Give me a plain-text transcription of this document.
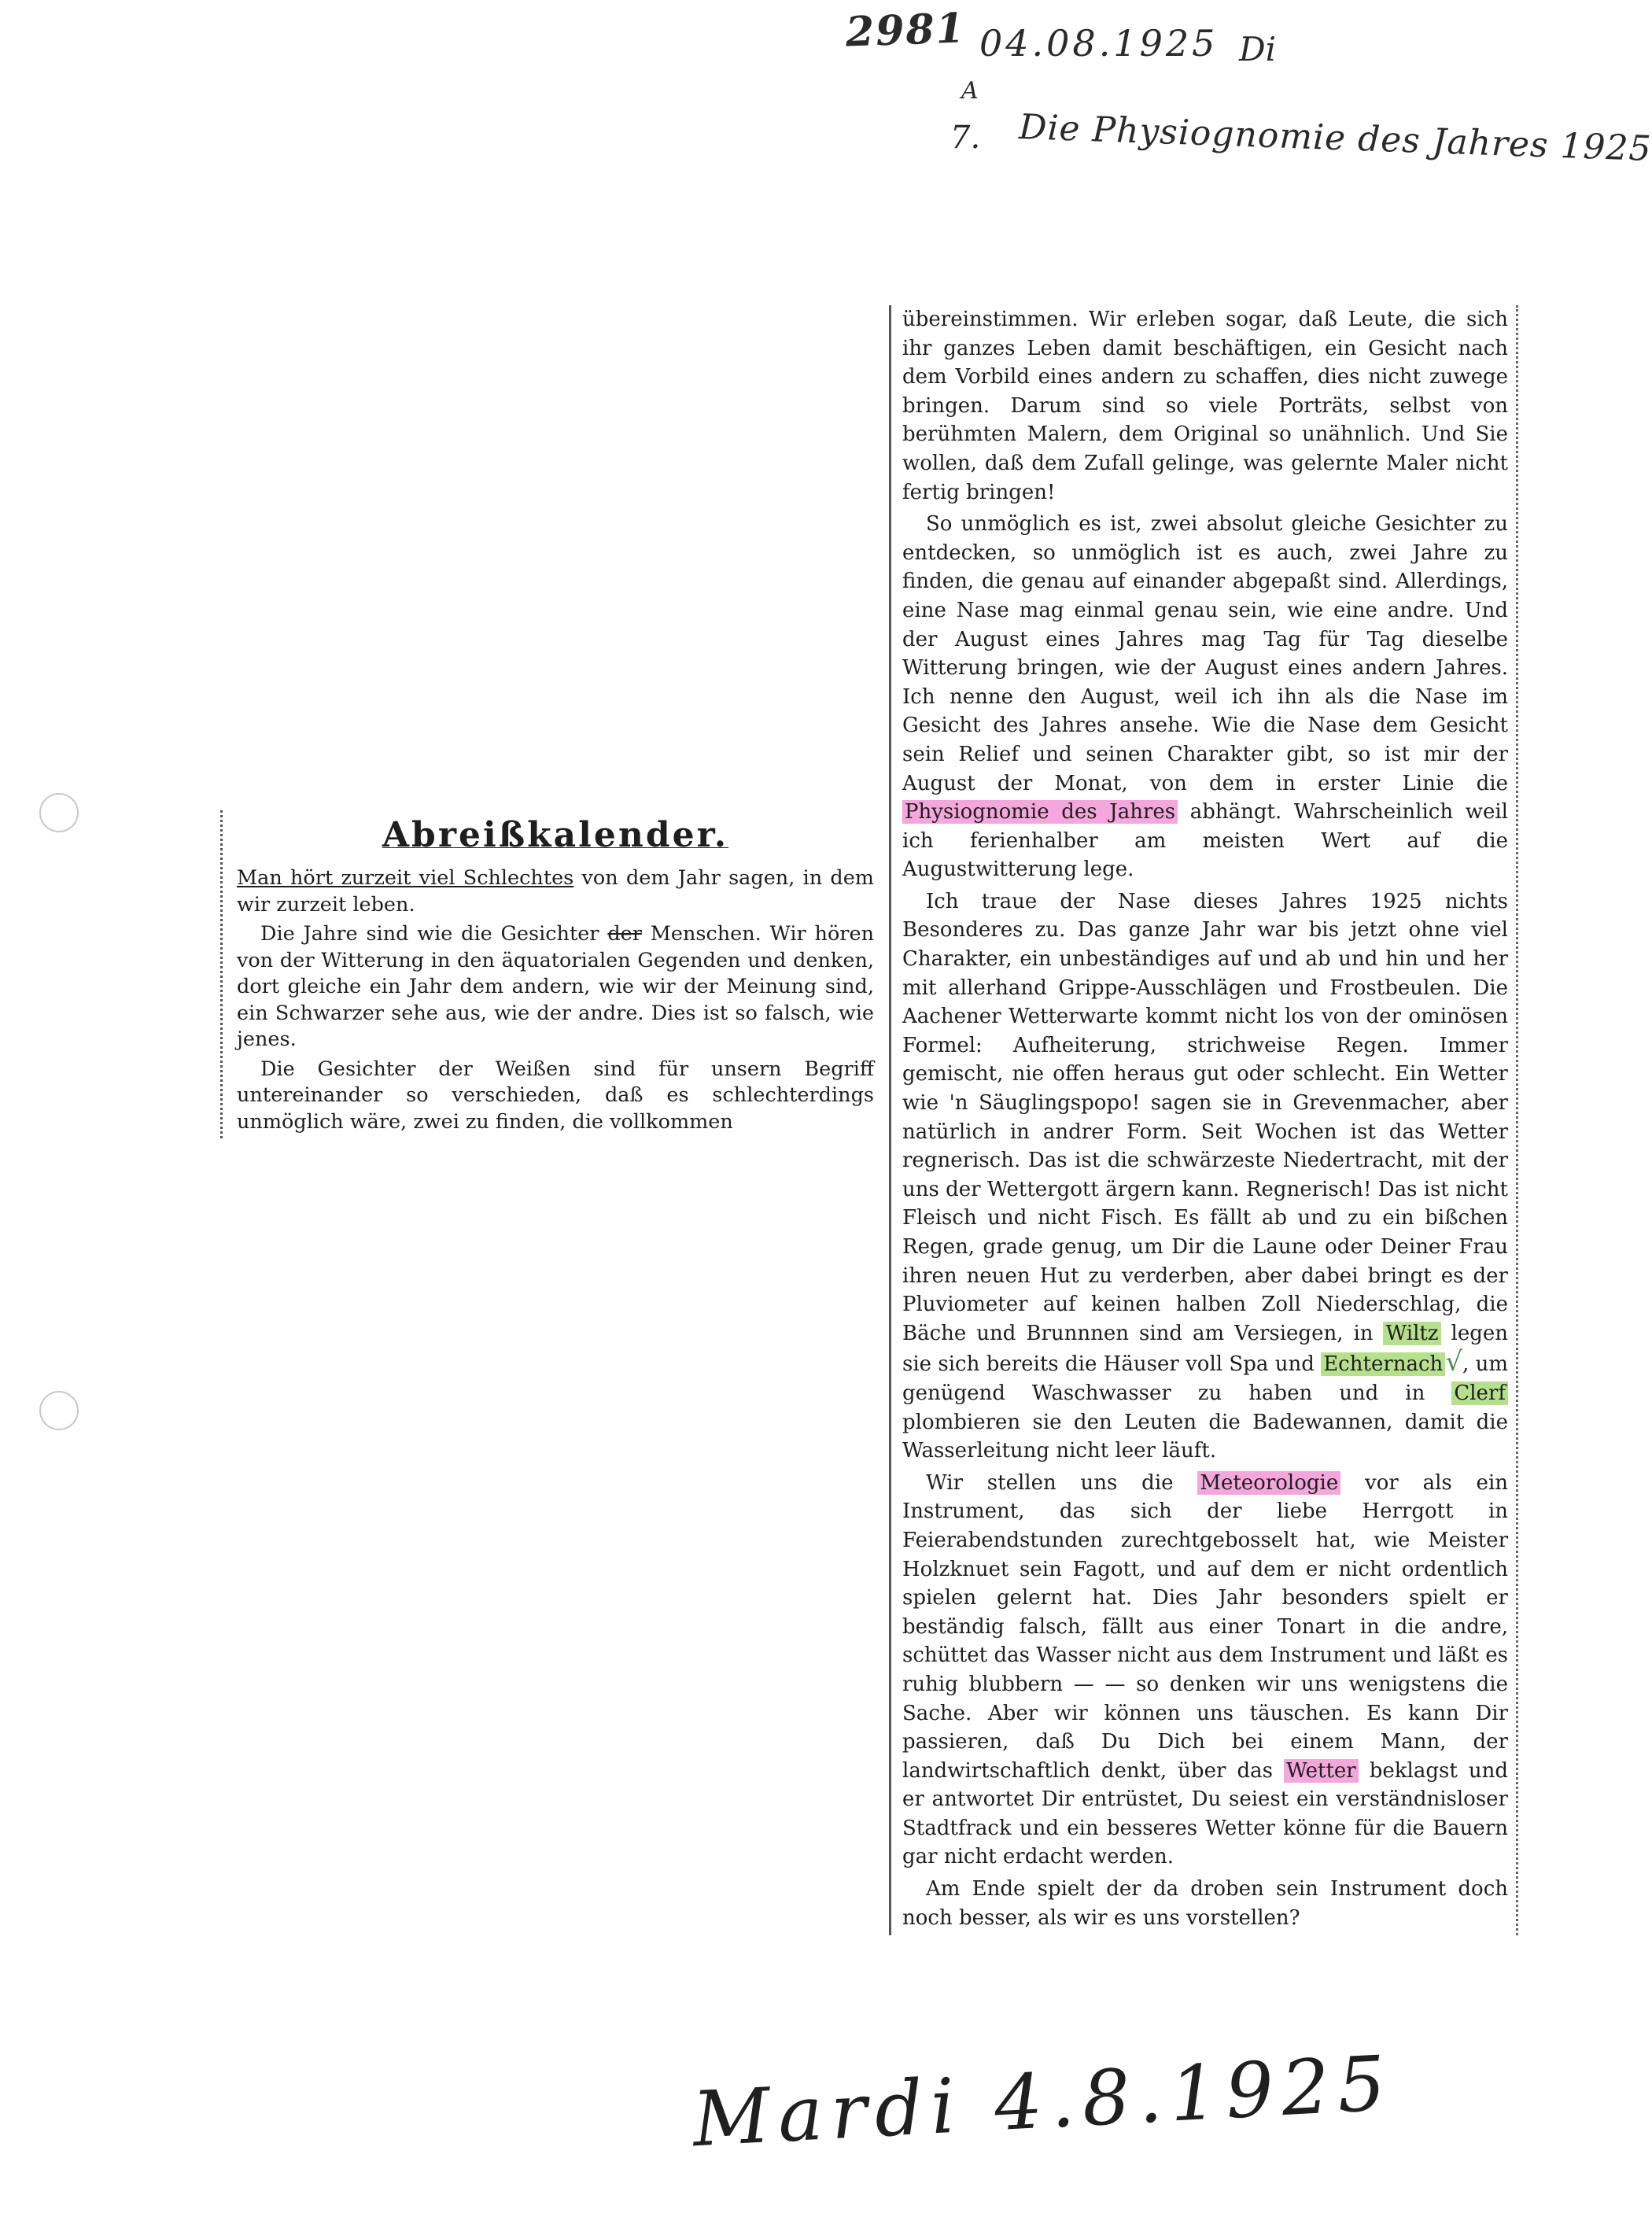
2981 04.08.1925 Di
A
7. Die Physiognomie des Jahres 1925
Abreißkalender.

Man hört zurzeit viel Schlechtes von dem Jahr sagen, in dem wir zurzeit leben.

Die Jahre sind wie die Gesichter der Menschen. Wir hören von der Witterung in den äquatorialen Gegenden und denken, dort gleiche ein Jahr dem andern, wie wir der Meinung sind, ein Schwarzer sehe aus, wie der andre. Dies ist so falsch, wie jenes.

Die Gesichter der Weißen sind für unsern Begriff untereinander so verschieden, daß es schlechterdings unmöglich wäre, zwei zu finden, die vollkommen

übereinstimmen. Wir erleben sogar, daß Leute, die sich ihr ganzes Leben damit beschäftigen, ein Gesicht nach dem Vorbild eines andern zu schaffen, dies nicht zuwege bringen. Darum sind so viele Porträts, selbst von berühmten Malern, dem Original so unähnlich. Und Sie wollen, daß dem Zufall gelinge, was gelernte Maler nicht fertig bringen!

So unmöglich es ist, zwei absolut gleiche Gesichter zu entdecken, so unmöglich ist es auch, zwei Jahre zu finden, die genau auf einander abgepaßt sind. Allerdings, eine Nase mag einmal genau sein, wie eine andre. Und der August eines Jahres mag Tag für Tag dieselbe Witterung bringen, wie der August eines andern Jahres. Ich nenne den August, weil ich ihn als die Nase im Gesicht des Jahres ansehe. Wie die Nase dem Gesicht sein Relief und seinen Charakter gibt, so ist mir der August der Monat, von dem in erster Linie die Physiognomie des Jahres abhängt. Wahrscheinlich weil ich ferienhalber am meisten Wert auf die Augustwitterung lege.

Ich traue der Nase dieses Jahres 1925 nichts Besonderes zu. Das ganze Jahr war bis jetzt ohne viel Charakter, ein unbeständiges auf und ab und hin und her mit allerhand Grippe-Ausschlägen und Frostbeulen. Die Aachener Wetterwarte kommt nicht los von der ominösen Formel: Aufheiterung, strichweise Regen. Immer gemischt, nie offen heraus gut oder schlecht. Ein Wetter wie 'n Säuglingspopo! sagen sie in Grevenmacher, aber natürlich in andrer Form. Seit Wochen ist das Wetter regnerisch. Das ist die schwärzeste Niedertracht, mit der uns der Wettergott ärgern kann. Regnerisch! Das ist nicht Fleisch und nicht Fisch. Es fällt ab und zu ein bißchen Regen, grade genug, um Dir die Laune oder Deiner Frau ihren neuen Hut zu verderben, aber dabei bringt es der Pluviometer auf keinen halben Zoll Niederschlag, die Bäche und Brunnnen sind am Versiegen, in Wiltz legen sie sich bereits die Häuser voll Spa und Echternach√, um genügend Waschwasser zu haben und in Clerf plombieren sie den Leuten die Badewannen, damit die Wasserleitung nicht leer läuft.

Wir stellen uns die Meteorologie vor als ein Instrument, das sich der liebe Herrgott in Feierabendstunden zurechtgebosselt hat, wie Meister Holzknuet sein Fagott, und auf dem er nicht ordentlich spielen gelernt hat. Dies Jahr besonders spielt er beständig falsch, fällt aus einer Tonart in die andre, schüttet das Wasser nicht aus dem Instrument und läßt es ruhig blubbern — — so denken wir uns wenigstens die Sache. Aber wir können uns täuschen. Es kann Dir passieren, daß Du Dich bei einem Mann, der landwirtschaftlich denkt, über das Wetter beklagst und er antwortet Dir entrüstet, Du seiest ein verständnisloser Stadtfrack und ein besseres Wetter könne für die Bauern gar nicht erdacht werden.

Am Ende spielt der da droben sein Instrument doch noch besser, als wir es uns vorstellen?

Mardi 4.8.1925
